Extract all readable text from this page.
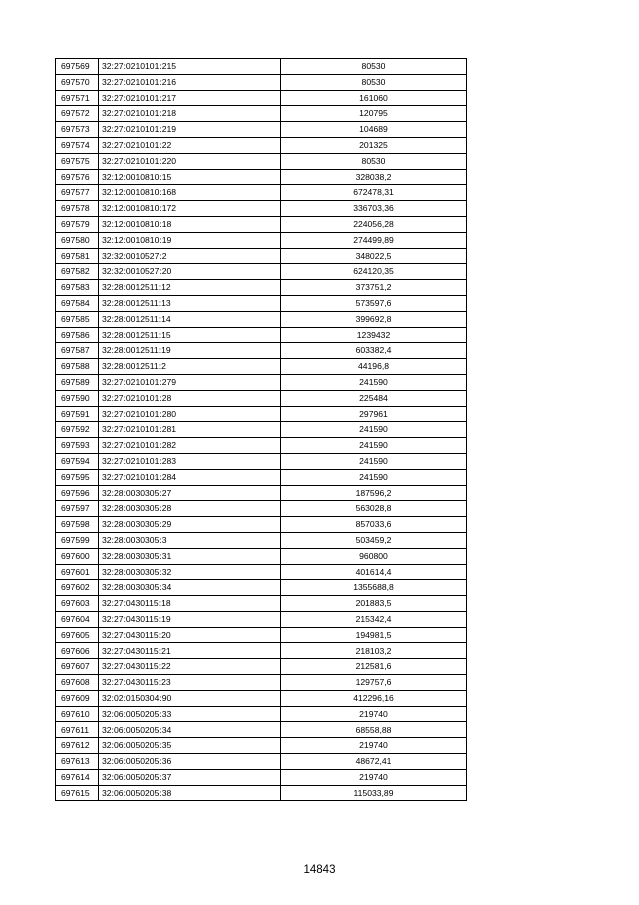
697569	32:27:0210101:215	80530
697570	32:27:0210101:216	80530
697571	32:27:0210101:217	161060
697572	32:27:0210101:218	120795
697573	32:27:0210101:219	104689
697574	32:27:0210101:22	201325
697575	32:27:0210101:220	80530
697576	32:12:0010810:15	328038,2
697577	32:12:0010810:168	672478,31
697578	32:12:0010810:172	336703,36
697579	32:12:0010810:18	224056,28
697580	32:12:0010810:19	274499,89
697581	32:32:0010527:2	348022,5
697582	32:32:0010527:20	624120,35
697583	32:28:0012511:12	373751,2
697584	32:28:0012511:13	573597,6
697585	32:28:0012511:14	399692,8
697586	32:28:0012511:15	1239432
697587	32:28:0012511:19	603382,4
697588	32:28:0012511:2	44196,8
697589	32:27:0210101:279	241590
697590	32:27:0210101:28	225484
697591	32:27:0210101:280	297961
697592	32:27:0210101:281	241590
697593	32:27:0210101:282	241590
697594	32:27:0210101:283	241590
697595	32:27:0210101:284	241590
697596	32:28:0030305:27	187596,2
697597	32:28:0030305:28	563028,8
697598	32:28:0030305:29	857033,6
697599	32:28:0030305:3	503459,2
697600	32:28:0030305:31	960800
697601	32:28:0030305:32	401614,4
697602	32:28:0030305:34	1355688,8
697603	32:27:0430115:18	201883,5
697604	32:27:0430115:19	215342,4
697605	32:27:0430115:20	194981,5
697606	32:27:0430115:21	218103,2
697607	32:27:0430115:22	212581,6
697608	32:27:0430115:23	129757,6
697609	32:02:0150304:90	412296,16
697610	32:06:0050205:33	219740
697611	32:06:0050205:34	68558,88
697612	32:06:0050205:35	219740
697613	32:06:0050205:36	48672,41
697614	32:06:0050205:37	219740
697615	32:06:0050205:38	115033,89
14843
